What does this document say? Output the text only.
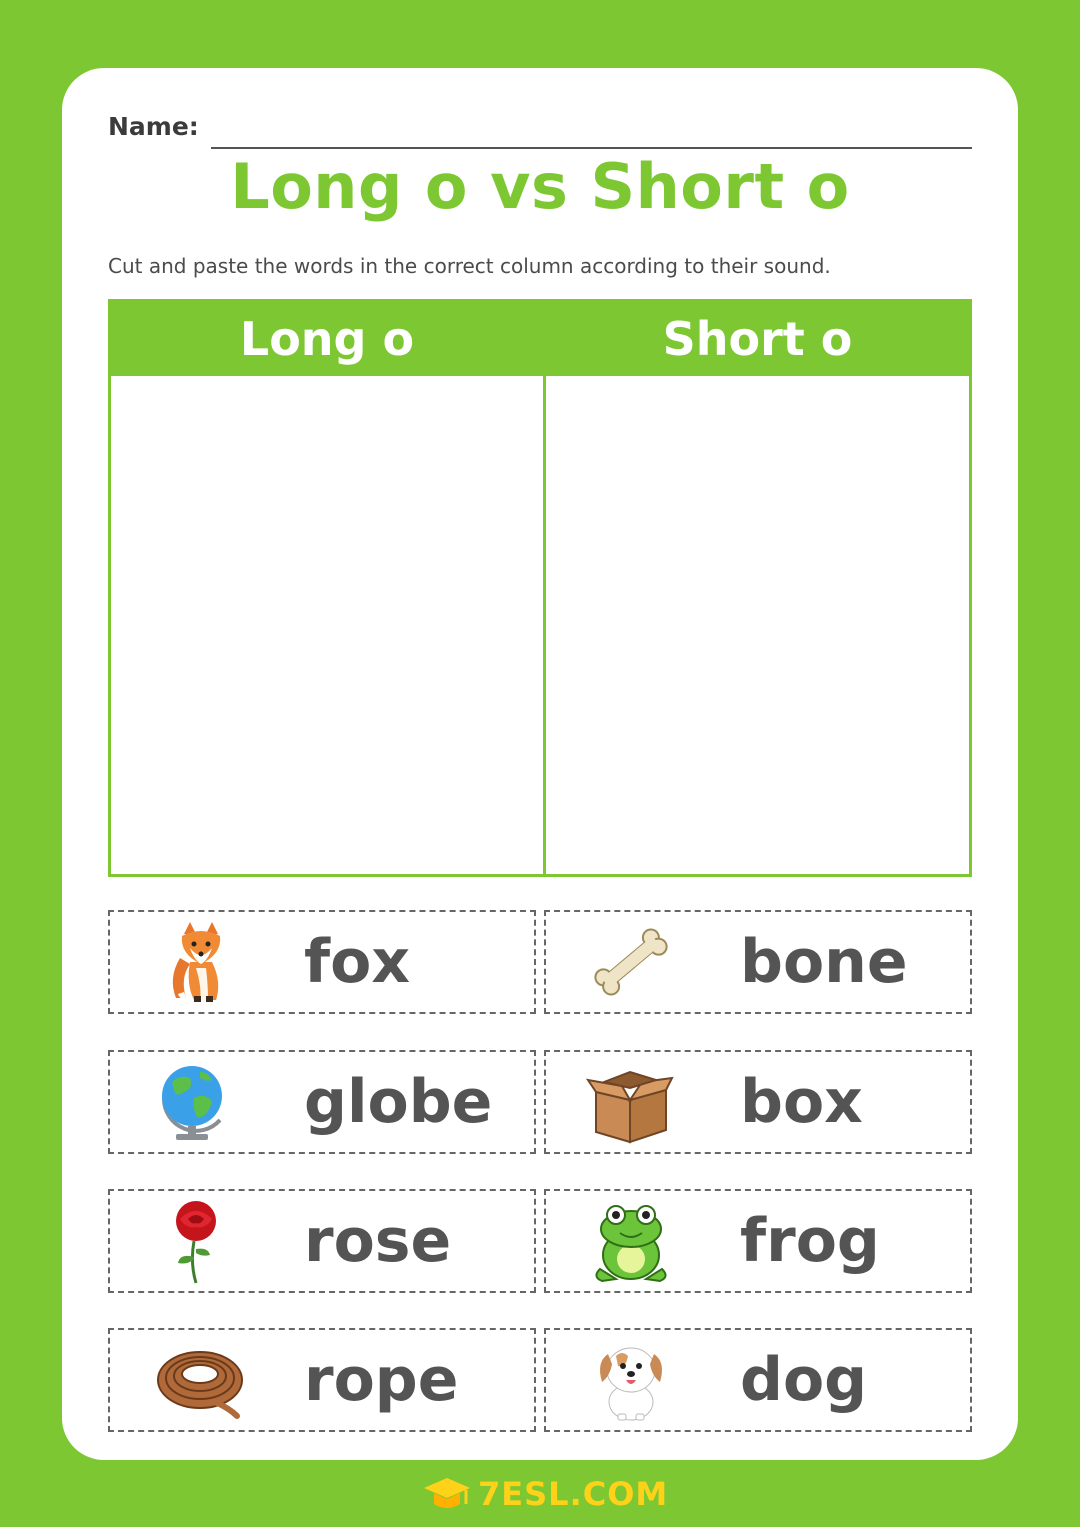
Name:
Long o vs Short o
Cut and paste the words in the correct column according to their sound.
Long o	Short o
fox	bone
globe	box
rose	frog
rope	dog
7ESL.COM
